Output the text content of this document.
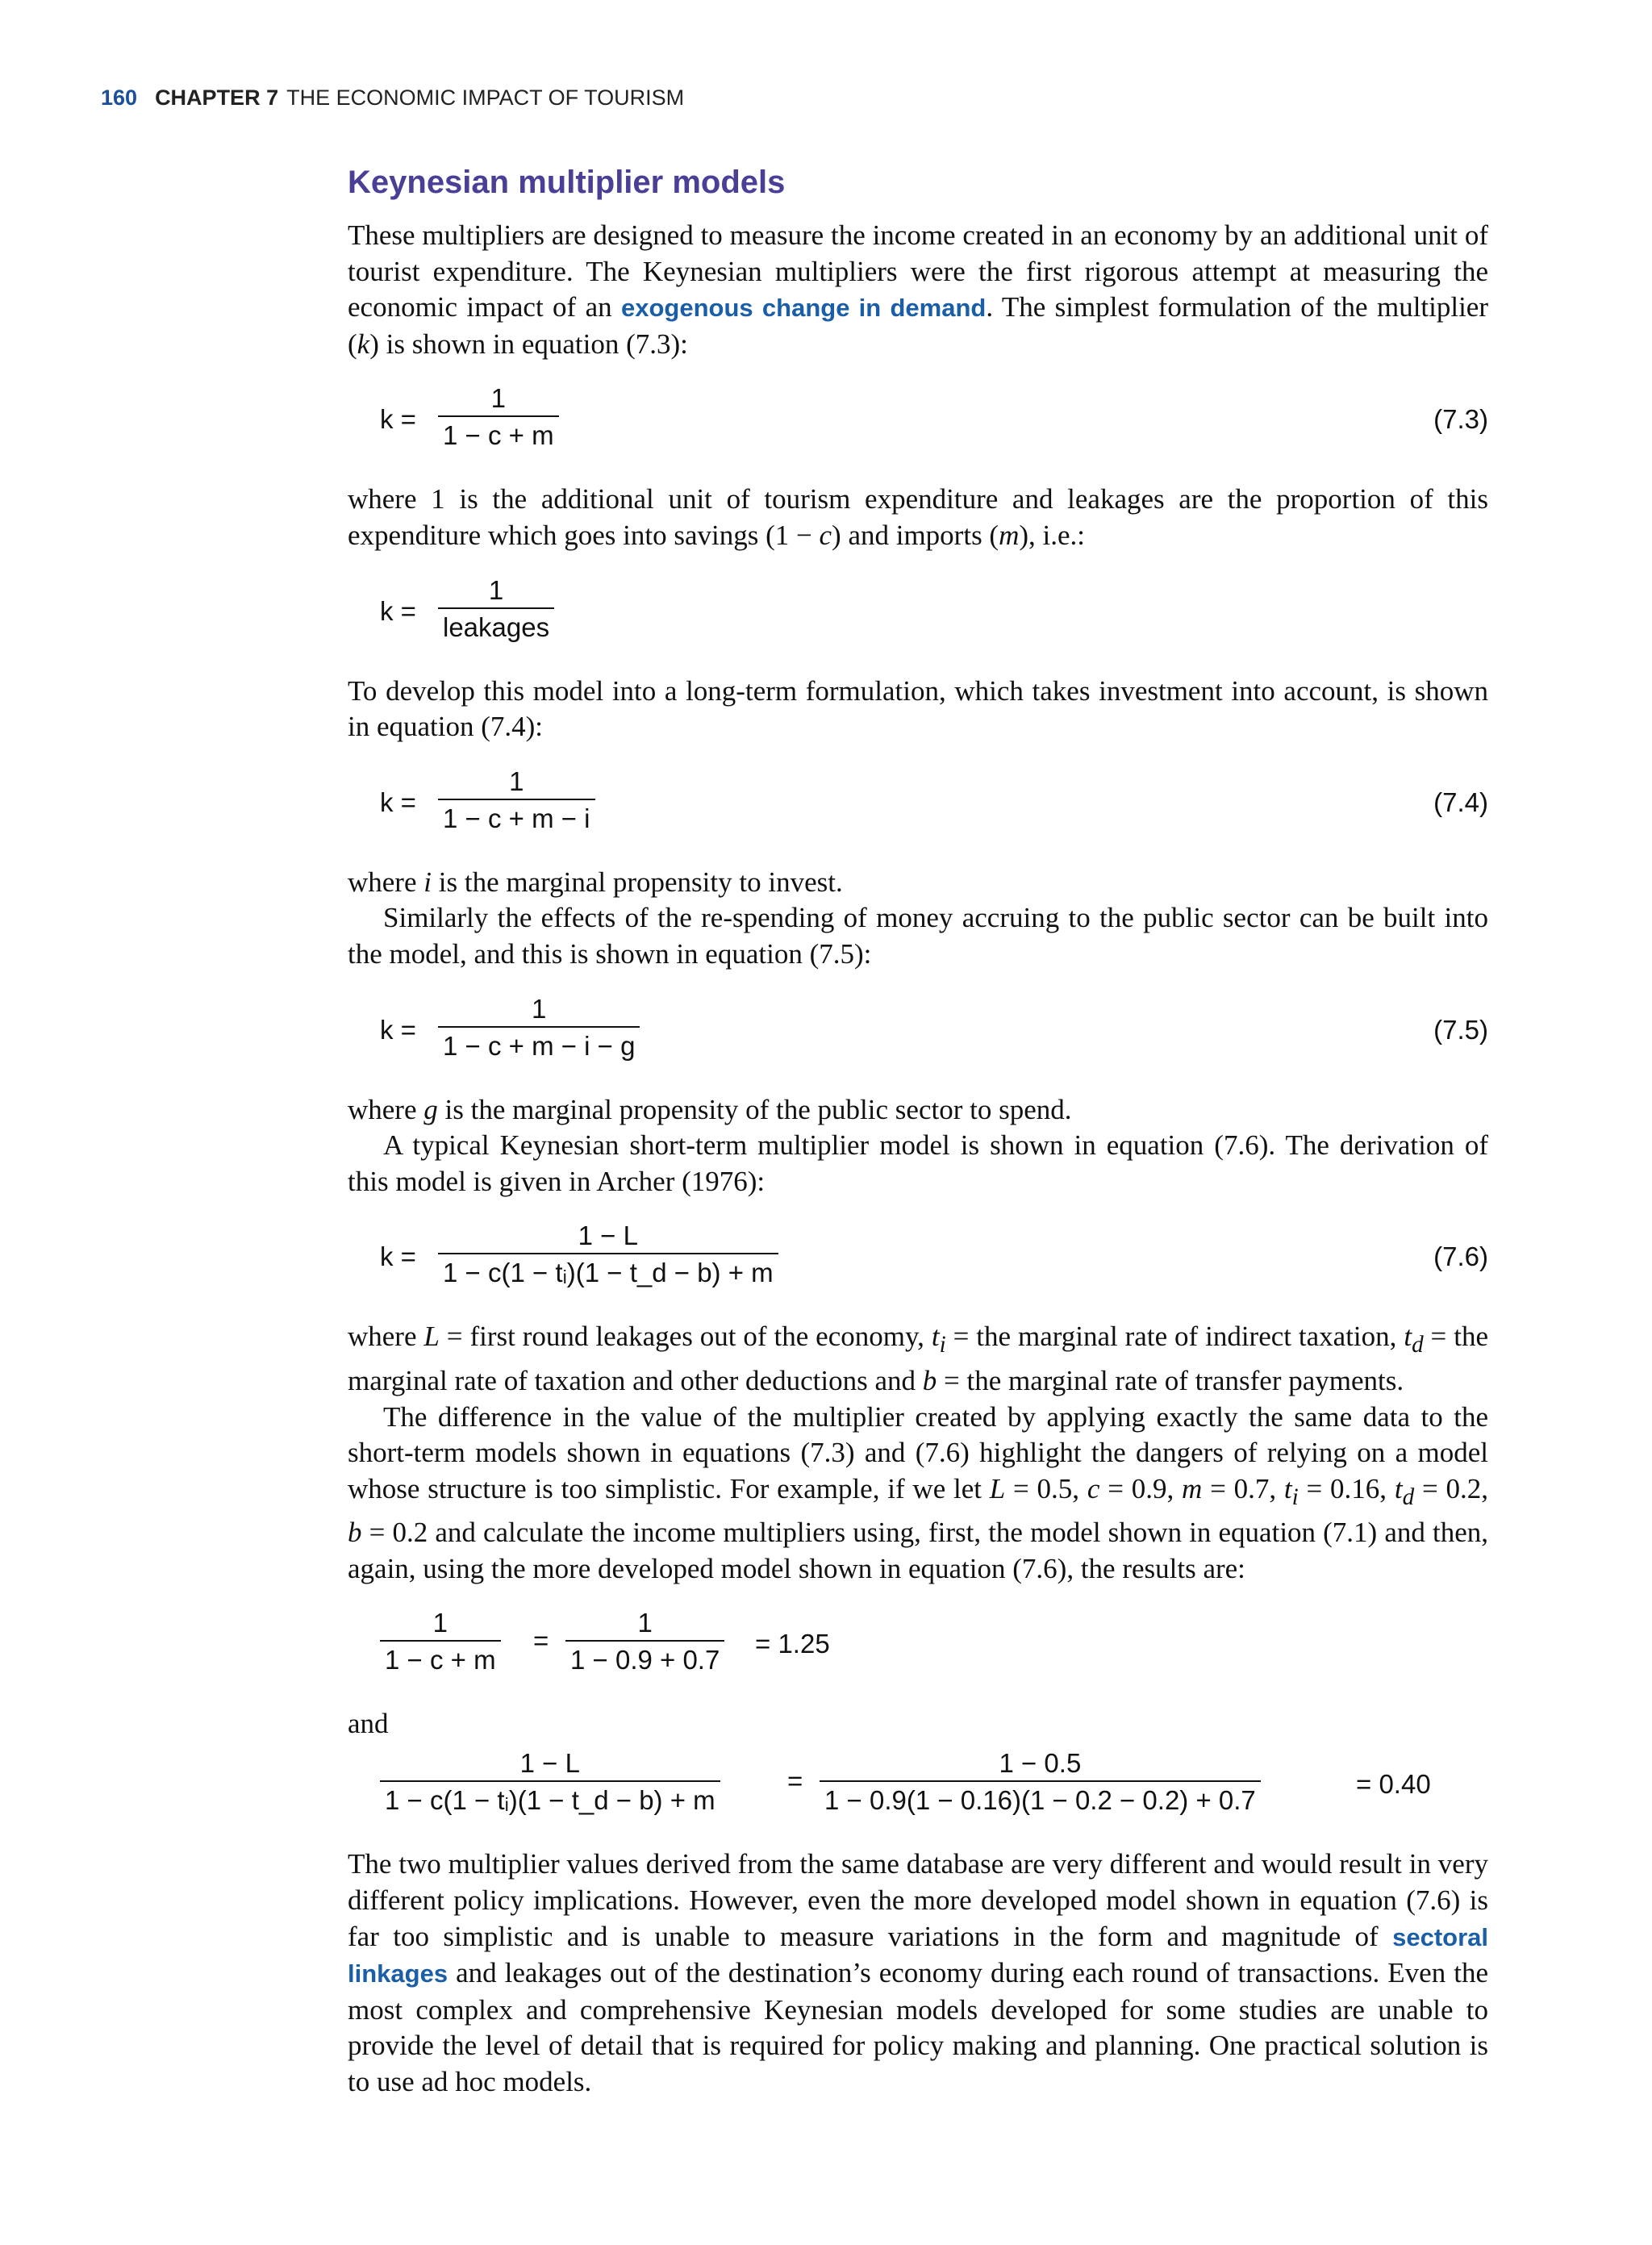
160 CHAPTER 7 THE ECONOMIC IMPACT OF TOURISM
Keynesian multiplier models

These multipliers are designed to measure the income created in an economy by an additional unit of tourist expenditure. The Keynesian multipliers were the first rigorous attempt at measuring the economic impact of an exogenous change in demand. The simplest formulation of the multiplier (k) is shown in equation (7.3):

$k = \frac{1}{1 - c + m}$	(7.3)

where 1 is the additional unit of tourism expenditure and leakages are the proportion of this expenditure which goes into savings (1 − c) and imports (m), i.e.:

k =
1
leakages

To develop this model into a long-term formulation, which takes investment into account, is shown in equation (7.4):

$k = \frac{1}{1 - c + m - i}$	(7.4)

where i is the marginal propensity to invest.

Similarly the effects of the re-spending of money accruing to the public sector can be built into the model, and this is shown in equation (7.5):

$k = \frac{1}{1 - c + m - i - g}$	(7.5)

where g is the marginal propensity of the public sector to spend.

A typical Keynesian short-term multiplier model is shown in equation (7.6). The derivation of this model is given in Archer (1976):

$k = \frac{1 - L}{\text{1 − c(1 − tᵢ)(1 − t\_d − b) + m}}$	(7.6)

where L = first round leakages out of the economy, $t_i$ = the marginal rate of indirect taxation, $t_d$ = the marginal rate of taxation and other deductions and b = the marginal rate of transfer payments.

The difference in the value of the multiplier created by applying exactly the same data to the short-term models shown in equations (7.3) and (7.6) highlight the dangers of relying on a model whose structure is too simplistic. For example, if we let L = 0.5, c = 0.9, m = 0.7, $t_i = 0.16$, $t_d = 0.2$, b = 0.2 and calculate the income multipliers using, first, the model shown in equation (7.1) and then, again, using the more developed model shown in equation (7.6), the results are:

$\frac{1}{1 - c + m} = \frac{1}{1 - 0.9 + 0.7} = 1.25$

and

$\frac{1 - L}{\text{1 − c(1 − tᵢ)(1 − t\_d − b) + m}}$	= $\frac{1 - 0.5}{1 - 0.9(1 - 0.16)(1 - 0.2 - 0.2) + 0.7}$	= 0.40

The two multiplier values derived from the same database are very different and would result in very different policy implications. However, even the more developed model shown in equation (7.6) is far too simplistic and is unable to measure variations in the form and magnitude of sectoral linkages and leakages out of the destination’s economy during each round of transactions. Even the most complex and comprehensive Keynesian models developed for some studies are unable to provide the level of detail that is required for policy making and planning. One practical solution is to use ad hoc models.
